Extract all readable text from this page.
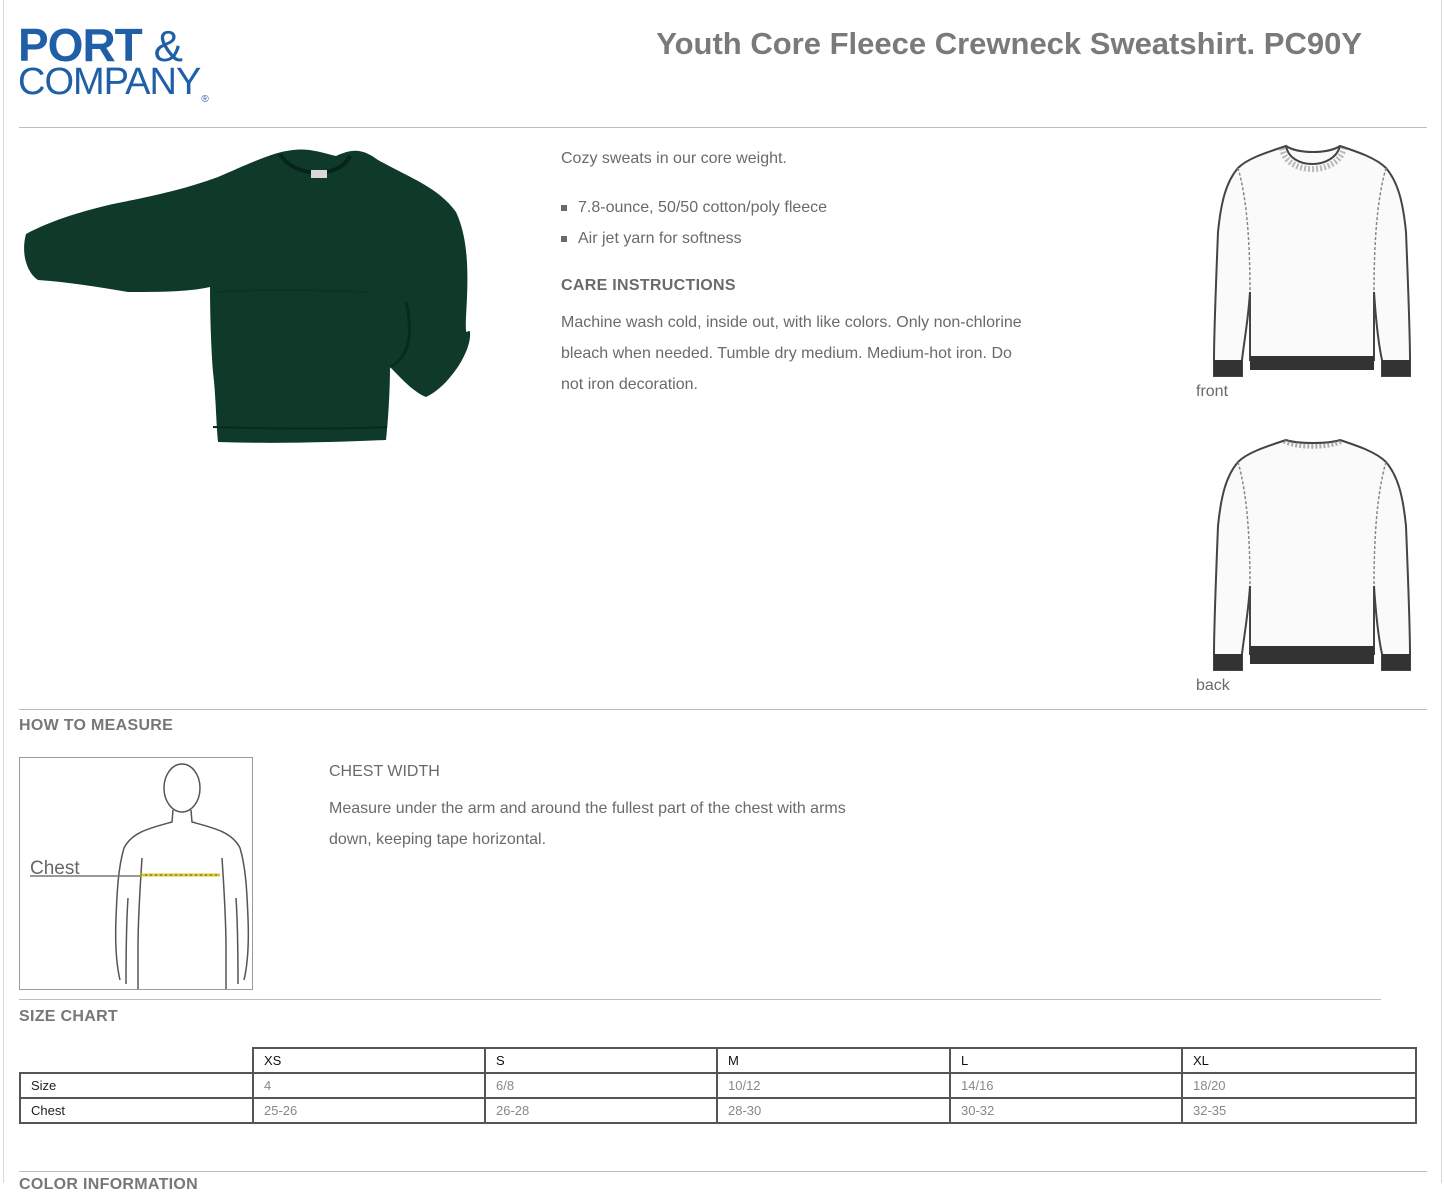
PORT &
COMPANY®
Youth Core Fleece Crewneck Sweatshirt. PC90Y
Cozy sweats in our core weight.
7.8-ounce, 50/50 cotton/poly fleece
Air jet yarn for softness
CARE INSTRUCTIONS
Machine wash cold, inside out, with like colors. Only non-chlorine bleach when needed. Tumble dry medium. Medium-hot iron. Do not iron decoration.	front
back
HOW TO MEASURE
Chest
CHEST WIDTH
Measure under the arm and around the fullest part of the chest with arms down, keeping tape horizontal.
SIZE CHART
	XS	S	M	L	XL
Size	4	6/8	10/12	14/16	18/20
Chest	25-26	26-28	28-30	30-32	32-35
COLOR INFORMATION
